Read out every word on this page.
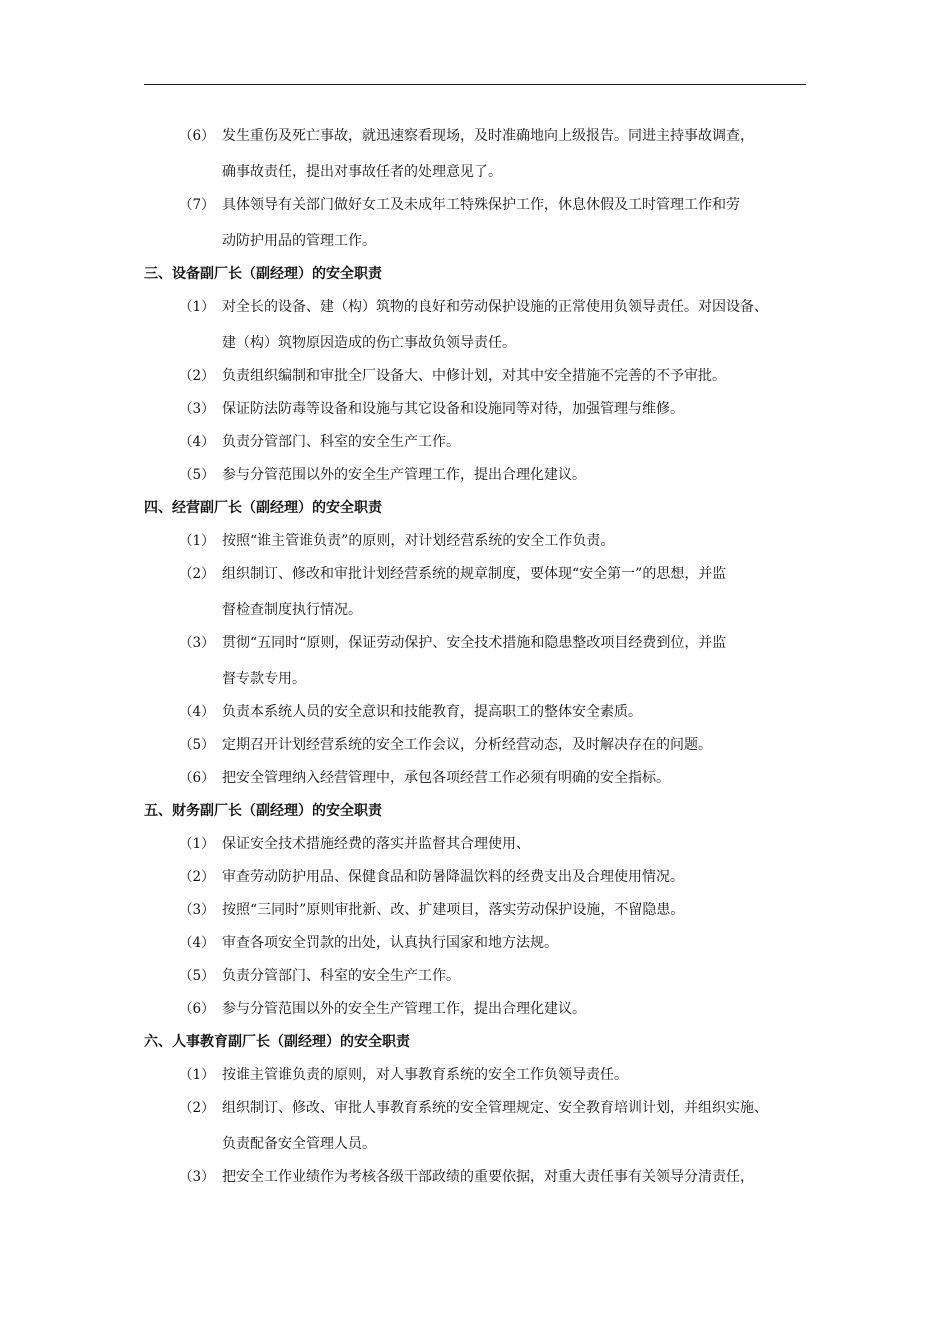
（6） 发生重伤及死亡事故，就迅速察看现场，及时准确地向上级报告。同进主持事故调查，
确事故责任，提出对事故任者的处理意见了。
（7） 具体领导有关部门做好女工及未成年工特殊保护工作，休息休假及工时管理工作和劳
动防护用品的管理工作。
三、设备副厂长（副经理）的安全职责
（1） 对全长的设备、建（构）筑物的良好和劳动保护设施的正常使用负领导责任。对因设备、
建（构）筑物原因造成的伤亡事故负领导责任。
（2） 负责组织编制和审批全厂设备大、中修计划，对其中安全措施不完善的不予审批。
（3） 保证防法防毒等设备和设施与其它设备和设施同等对待，加强管理与维修。
（4） 负责分管部门、科室的安全生产工作。
（5） 参与分管范围以外的安全生产管理工作，提出合理化建议。
四、经营副厂长（副经理）的安全职责
（1） 按照“谁主管谁负责”的原则，对计划经营系统的安全工作负责。
（2） 组织制订、修改和审批计划经营系统的规章制度，要体现“安全第一”的思想，并监
督检查制度执行情况。
（3） 贯彻“五同时“原则，保证劳动保护、安全技术措施和隐患整改项目经费到位，并监
督专款专用。
（4） 负责本系统人员的安全意识和技能教育，提高职工的整体安全素质。
（5） 定期召开计划经营系统的安全工作会议，分析经营动态，及时解决存在的问题。
（6） 把安全管理纳入经营管理中，承包各项经营工作必须有明确的安全指标。
五、财务副厂长（副经理）的安全职责
（1） 保证安全技术措施经费的落实并监督其合理使用、
（2） 审查劳动防护用品、保健食品和防暑降温饮料的经费支出及合理使用情况。
（3） 按照“三同时”原则审批新、改、扩建项目，落实劳动保护设施，不留隐患。
（4） 审查各项安全罚款的出处，认真执行国家和地方法规。
（5） 负责分管部门、科室的安全生产工作。
（6） 参与分管范围以外的安全生产管理工作，提出合理化建议。
六、人事教育副厂长（副经理）的安全职责
（1） 按谁主管谁负责的原则，对人事教育系统的安全工作负领导责任。
（2） 组织制订、修改、审批人事教育系统的安全管理规定、安全教育培训计划，并组织实施、
负责配备安全管理人员。
（3） 把安全工作业绩作为考核各级干部政绩的重要依据，对重大责任事有关领导分清责任，
